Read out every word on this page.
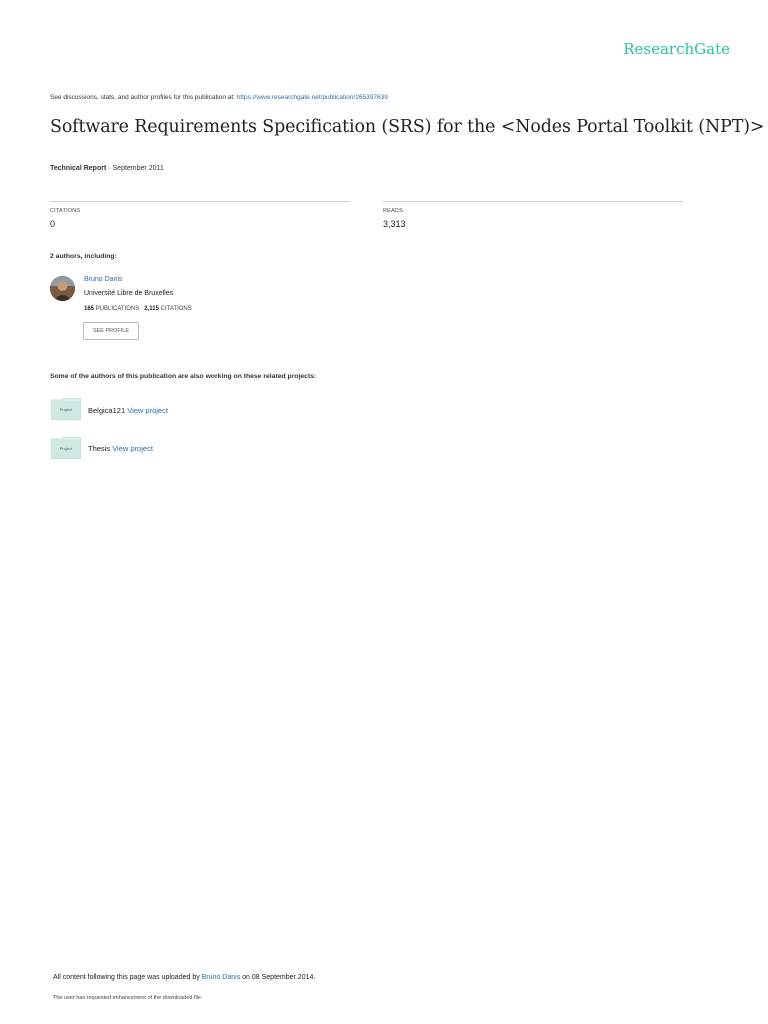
ResearchGate
See discussions, stats, and author profiles for this publication at: https://www.researchgate.net/publication/265397639
Software Requirements Specification (SRS) for the <Nodes Portal Toolkit (NPT)>
Technical Report · September 2011
CITATIONS
0
READS
3,313
2 authors, including:
Bruno Danis
Université Libre de Bruxelles
165 PUBLICATIONS 2,115 CITATIONS
SEE PROFILE
Some of the authors of this publication are also working on these related projects:
Project	Belgica121 View project
Project	Thesis View project
All content following this page was uploaded by Bruno Danis on 08 September 2014.
The user has requested enhancement of the downloaded file.
